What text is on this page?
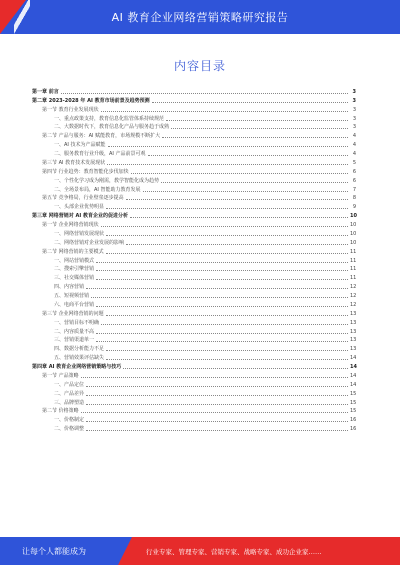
AI 教育企业网络营销策略研究报告
内容目录
第一章 前言	3
第二章 2023-2028 年 AI 教育市场前景及趋势预测	3
第一节 教育行业发展现状	3
一、重点政策支持，教育信息化监管体系持续规范	3
二、大数据时代下，教育信息化产品与服务趋于成熟	3
第二节 产品与服务：AI 赋能教育，市场规模不断扩大	4
一、AI 技术为产品赋能	4
二、服务教育行业升级，AI 产品前景可观	4
第三节 AI 教育技术发展现状	5
第四节 行业趋势：教育智能化步伐加快	6
一、个性化学习成为刚需，教学智能化成为趋势	6
二、全场景布局，AI 智能助力教育发展	7
第五节 竞争格局，行业壁垒逐步提高	8
一、头部企业优势明显	9
第三章 网络营销对 AI 教育企业的促进分析	10
第一节 企业网络营销现状	10
一、网络营销发展现状	10
二、网络营销对企业发展的影响	10
第二节 网络营销的主要模式	11
一、网站营销模式	11
二、搜索引擎营销	11
三、社交媒体营销	11
四、内容营销	12
五、短视频营销	12
六、电商平台营销	12
第三节 企业网络营销的问题	13
一、营销目标不明确	13
二、内容质量不高	13
三、营销渠道单一	13
四、数据分析能力不足	13
五、营销效果评估缺失	14
第四章 AI 教育企业网络营销策略与技巧	14
第一节 产品策略	14
一、产品定位	14
二、产品差异	15
三、品牌塑造	15
第二节 价格策略	15
一、价格制定	16
二、价格调整	16
让每个人都能成为	行业专家、管理专家、营销专家、战略专家、成功企业家……
